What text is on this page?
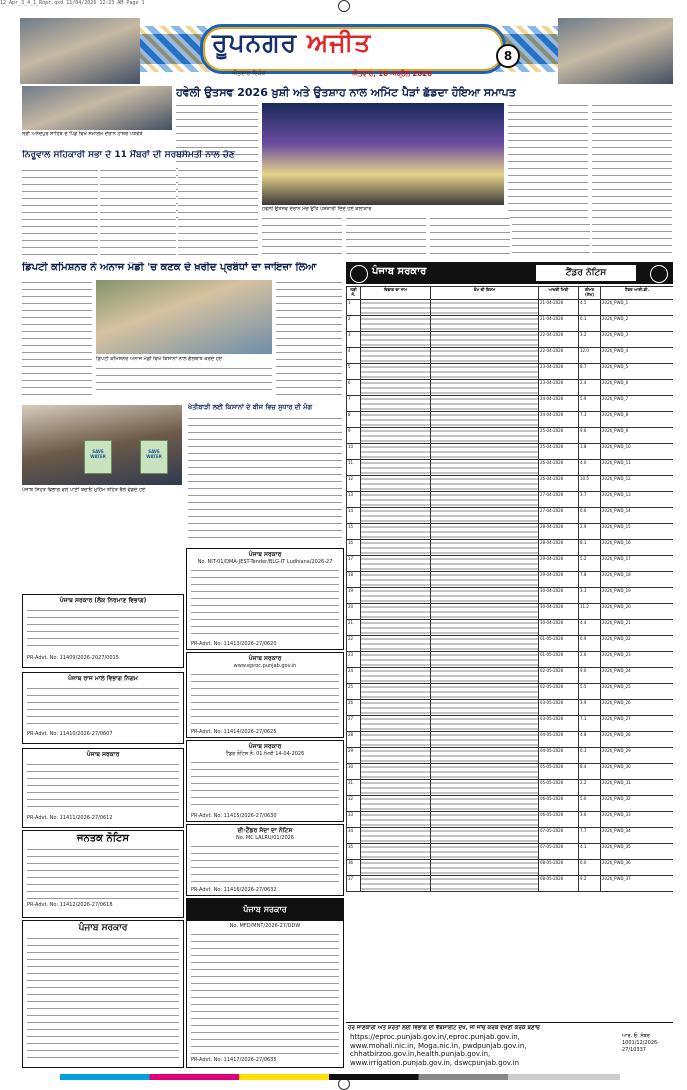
12_Apr_3_4_1_Ropr.qxd 11/04/2026 12:23 AM Page 1
ਰੂਪਨਗਰ ਅਜੀਤ	8
ਐਤਵਾਰ ਵਿਸ਼ੇਸ਼	ਐਤਵਾਰ, 16 ਅਪ੍ਰੈਲ 2026
ਸ੍ਰੀ ਅਨੰਦਪੁਰ ਸਾਹਿਬ ਦੇ ਪਿੰਡ ਵਿਖੇ ਸਮਾਗਮ ਦੌਰਾਨ ਹਾਜ਼ਰ ਪਤਵੰਤੇ
ਹਵੇਲੀ ਉਤਸਵ 2026 ਖ਼ੁਸ਼ੀ ਅਤੇ ਉਤਸ਼ਾਹ ਨਾਲ ਅਮਿੱਟ ਪੈੜਾਂ ਛੱਡਦਾ ਹੋਇਆ ਸਮਾਪਤ
ਹਵੇਲੀ ਉਤਸਵ ਦੌਰਾਨ ਮੰਚ ਉੱਤੇ ਪੇਸ਼ਕਾਰੀ ਦਿੰਦੇ ਹੋਏ ਕਲਾਕਾਰ
ਨਿਰੂਵਾਲ ਸਹਿਕਾਰੀ ਸਭਾ ਦੇ 11 ਮੈਂਬਰਾਂ ਦੀ ਸਰਬਸੰਮਤੀ ਨਾਲ ਚੋਣ
ਡਿਪਟੀ ਕਮਿਸ਼ਨਰ ਨੇ ਅਨਾਜ ਮੰਡੀ 'ਚ ਕਣਕ ਦੇ ਖ਼ਰੀਦ ਪ੍ਰਬੰਧਾਂ ਦਾ ਜਾਇਜ਼ਾ ਲਿਆ
ਡਿਪਟੀ ਕਮਿਸ਼ਨਰ ਅਨਾਜ ਮੰਡੀ ਵਿਖੇ ਕਿਸਾਨਾਂ ਨਾਲ ਗੱਲਬਾਤ ਕਰਦੇ ਹੋਏ
ਖੇਤੀਬਾੜੀ ਲਈ ਕਿਸਾਨਾਂ ਦੇ ਬੀਜ ਵਿਚ ਸੁਧਾਰ ਦੀ ਮੰਗ
SAVE WATER
SAVE WATER
ਪੰਜਾਬ ਸਿਹਤ ਵਿਭਾਗ ਵਲੋਂ ਪਾਣੀ ਬਚਾਓ ਮੁਹਿੰਮ ਤਹਿਤ ਥੈਲੇ ਵੰਡਦੇ ਹੋਏ
ਪੰਜਾਬ ਸਰਕਾਰ (ਲੋਕ ਨਿਰਮਾਣ ਵਿਭਾਗ)
PR-Advt. No: 11409/2026-2027/0015
ਪੰਜਾਬ ਰਾਜ ਮਾਲ ਵਿਭਾਗ ਨਿਗਮ
PR-Advt. No: 11410/2026-27/0607
ਪੰਜਾਬ ਸਰਕਾਰ
PR-Advt. No: 11411/2026-27/0612
ਜਨਤਕ ਨੋਟਿਸ
PR-Advt. No: 11412/2026-27/0618
ਪੰਜਾਬ ਸਰਕਾਰ
ਪੰਜਾਬ ਸਰਕਾਰ
No. NIT-01/DMA-JEST-Tender/BLG-IT Ludhiana/2026-27
PR-Advt. No: 11413/2026-27/0620
ਪੰਜਾਬ ਸਰਕਾਰ
www.eproc.punjab.gov.in
PR-Advt. No: 11414/2026-27/0625
ਪੰਜਾਬ ਸਰਕਾਰ
ਟੈਂਡਰ ਨੋਟਿਸ ਨੰ: 01 ਮਿਤੀ 14-04-2026
PR-Advt. No: 11415/2026-27/0630
ਈ-ਟੈਂਡਰ ਸੱਦਾ ਦਾ ਨੋਟਿਸ
No. MC LALRU/01/2026
PR-Advt. No: 11416/2026-27/0632
ਪੰਜਾਬ ਸਰਕਾਰ
No. MFD/MNT/2026-27/DDW
PR-Advt. No: 11417/2026-27/0635
ਪੰਜਾਬ ਸਰਕਾਰ	ਟੈਂਡਰ ਨੋਟਿਸ
ਲੜੀ ਨੰ.	ਵਿਭਾਗ ਦਾ ਨਾਮ	ਕੰਮ ਦੀ ਕਿਸਮ	ਆਖ਼ਰੀ ਮਿਤੀ	ਕੀਮਤ (ਲੱਖ)	ਟੈਂਡਰ ਆਈ.ਡੀ.
1			21-04-2026	4.5	2026_PWD_1
2			21-04-2026	6.1	2026_PWD_2
3			22-04-2026	3.2	2026_PWD_3
4			22-04-2026	12.0	2026_PWD_4
5			23-04-2026	8.7	2026_PWD_5
6			23-04-2026	2.4	2026_PWD_6
7			24-04-2026	5.9	2026_PWD_7
8			24-04-2026	7.3	2026_PWD_8
9			25-04-2026	9.6	2026_PWD_9
10			25-04-2026	1.8	2026_PWD_10
11			26-04-2026	4.0	2026_PWD_11
12			26-04-2026	10.5	2026_PWD_12
13			27-04-2026	3.7	2026_PWD_13
14			27-04-2026	6.6	2026_PWD_14
15			28-04-2026	2.9	2026_PWD_15
16			28-04-2026	8.1	2026_PWD_16
17			29-04-2026	5.2	2026_PWD_17
18			29-04-2026	7.8	2026_PWD_18
19			30-04-2026	3.3	2026_PWD_19
20			30-04-2026	11.2	2026_PWD_20
21			30-04-2026	4.4	2026_PWD_21
22			01-05-2026	6.9	2026_PWD_22
23			01-05-2026	2.6	2026_PWD_23
24			02-05-2026	9.0	2026_PWD_24
25			02-05-2026	5.5	2026_PWD_25
26			03-05-2026	3.9	2026_PWD_26
27			03-05-2026	7.1	2026_PWD_27
28			04-05-2026	4.8	2026_PWD_28
29			04-05-2026	6.3	2026_PWD_29
30			05-05-2026	8.4	2026_PWD_30
31			05-05-2026	2.2	2026_PWD_31
32			06-05-2026	5.0	2026_PWD_32
33			06-05-2026	3.6	2026_PWD_33
34			07-05-2026	7.7	2026_PWD_34
35			07-05-2026	4.1	2026_PWD_35
36			08-05-2026	6.0	2026_PWD_36
37			08-05-2026	9.2	2026_PWD_37
ਹੋਰ ਜਾਣਕਾਰੀ ਅਤੇ ਸ਼ਰਤਾਂ ਲਈ ਵਿਭਾਗ ਦੀ ਵੈੱਬਸਾਈਟ ਦੇਖੋ, ਜੀ ਜਾਂਚ ਕਰਕੇ ਦੇਖਣੀ ਕਰਕੇ ਬਣਾਓ
https://eproc.punjab.gov.in/,eproc.punjab.gov.in,
www.mohali.nic.in, Moga.nic.in, pwdpunjab.gov.in,
chhatbirzoo.gov.in,health.punjab.gov.in,
www.irrigation.punjab.gov.in, dswcpunjab.gov.in
ਆਰ. ਓ. ਨੰਬਰ
1001/12/2026-27/10337
